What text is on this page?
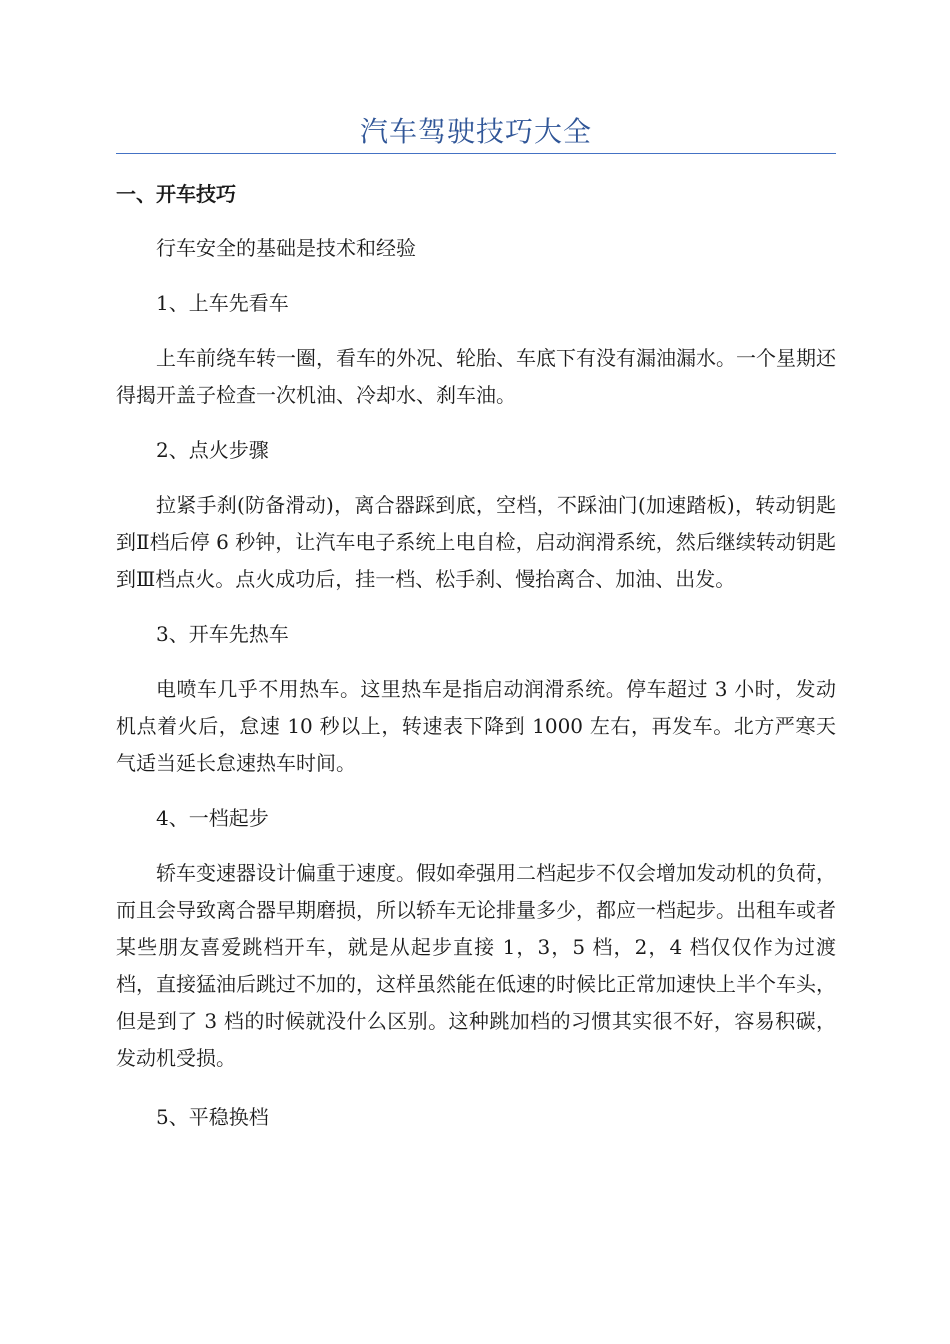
汽车驾驶技巧大全
一、开车技巧

行车安全的基础是技术和经验

1、上车先看车

上车前绕车转一圈，看车的外况、轮胎、车底下有没有漏油漏水。一个星期还得揭开盖子检查一次机油、冷却水、刹车油。

2、点火步骤

拉紧手刹(防备滑动)，离合器踩到底，空档，不踩油门(加速踏板)，转动钥匙到Ⅱ档后停 6 秒钟，让汽车电子系统上电自检，启动润滑系统，然后继续转动钥匙到Ⅲ档点火。点火成功后，挂一档、松手刹、慢抬离合、加油、出发。

3、开车先热车

电喷车几乎不用热车。这里热车是指启动润滑系统。停车超过 3 小时，发动机点着火后，怠速 10 秒以上，转速表下降到 1000 左右，再发车。北方严寒天气适当延长怠速热车时间。

4、一档起步

轿车变速器设计偏重于速度。假如牵强用二档起步不仅会增加发动机的负荷，而且会导致离合器早期磨损，所以轿车无论排量多少，都应一档起步。出租车或者某些朋友喜爱跳档开车，就是从起步直接 1，3，5 档，2，4 档仅仅作为过渡档，直接猛油后跳过不加的，这样虽然能在低速的时候比正常加速快上半个车头，但是到了 3 档的时候就没什么区别。这种跳加档的习惯其实很不好，容易积碳，发动机受损。

5、平稳换档
